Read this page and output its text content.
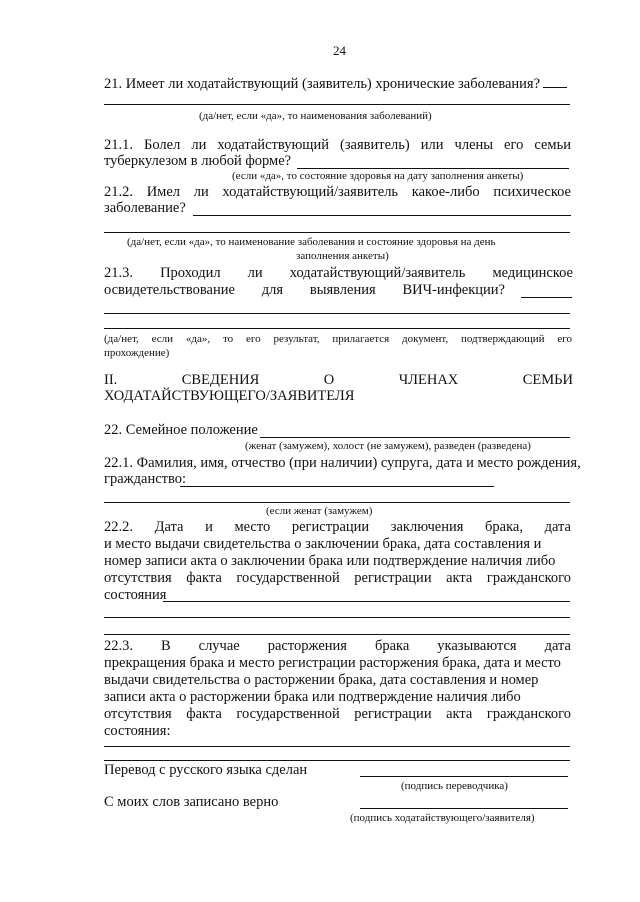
24
21. Имеет ли ходатайствующий (заявитель) хронические заболевания?
(да/нет, если «да», то наименования заболеваний)
21.1. Болел ли ходатайствующий (заявитель) или члены его семьи
туберкулезом в любой форме?
(если «да», то состояние здоровья на дату заполнения анкеты)
21.2. Имел ли ходатайствующий/заявитель какое-либо психическое
заболевание?
(да/нет, если «да», то наименование заболевания и состояние здоровья на день
заполнения анкеты)
21.3. Проходил ли ходатайствующий/заявитель медицинское
освидетельствование для выявления ВИЧ-инфекции?
(да/нет, если «да», то его результат, прилагается документ, подтверждающий его
прохождение)
II.	СВЕДЕНИЯ	О	ЧЛЕНАХ	СЕМЬИ
ХОДАТАЙСТВУЮЩЕГО/ЗАЯВИТЕЛЯ
22. Семейное положение
(женат (замужем), холост (не замужем), разведен (разведена)
22.1. Фамилия, имя, отчество (при наличии) супруга, дата и место рождения,
гражданство:
(если женат (замужем)
22.2. Дата и место регистрации заключения брака, дата
и место выдачи свидетельства о заключении брака, дата составления и
номер записи акта о заключении брака или подтверждение наличия либо
отсутствия факта государственной регистрации акта гражданского
состояния
22.3. В случае расторжения брака указываются дата
прекращения брака и место регистрации расторжения брака, дата и место
выдачи свидетельства о расторжении брака, дата составления и номер
записи акта о расторжении брака или подтверждение наличия либо
отсутствия факта государственной регистрации акта гражданского
состояния:
Перевод с русского языка сделан
(подпись переводчика)
С моих слов записано верно
(подпись ходатайствующего/заявителя)
